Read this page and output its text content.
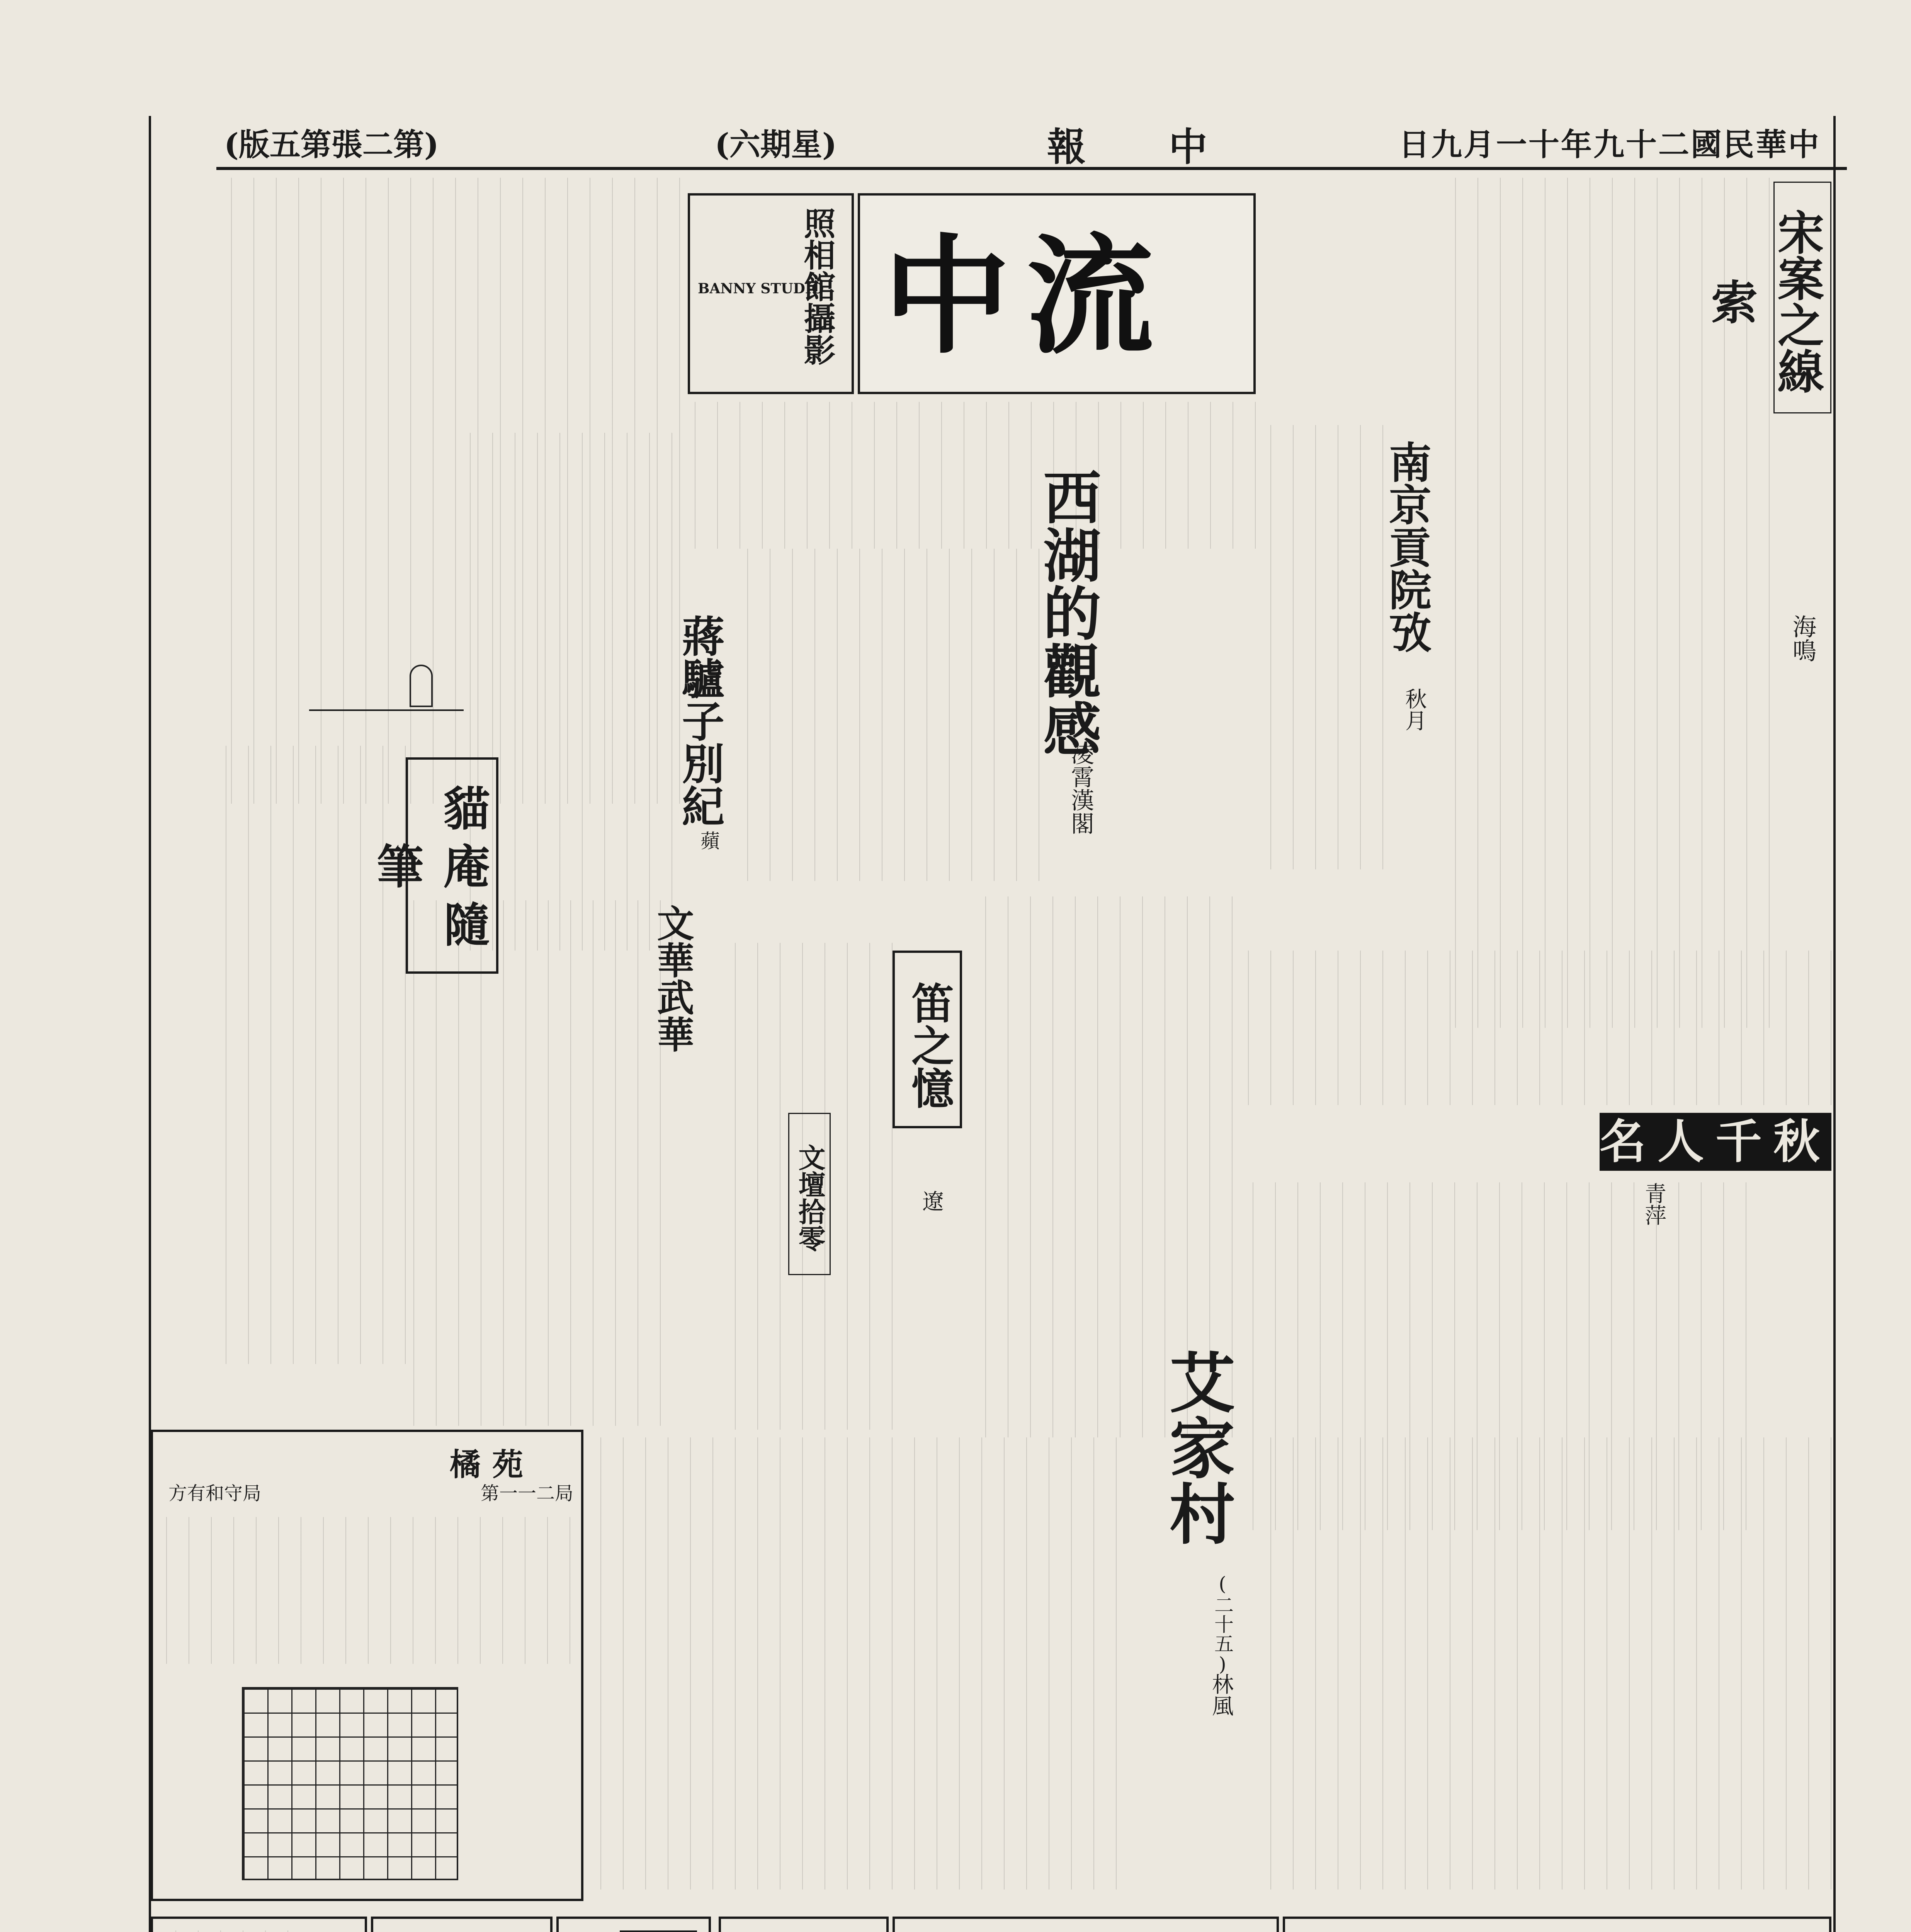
(版五第張二第)	(六期星)	報 中	日九月一十年九十二國民華中
宋案之線索
海鳴
中流
照相館攝影
BANNY STUDIO
西湖的觀感
凌霄漢閣
南京貢院攷
秋月
蔣驢子別紀
蘋
貓庵隨筆
文華武華	笛之憶
遼
文壇拾零
名人千秋
青萍
艾家村
(二十五)
林風
橘苑
第一一二局
方有和守局
